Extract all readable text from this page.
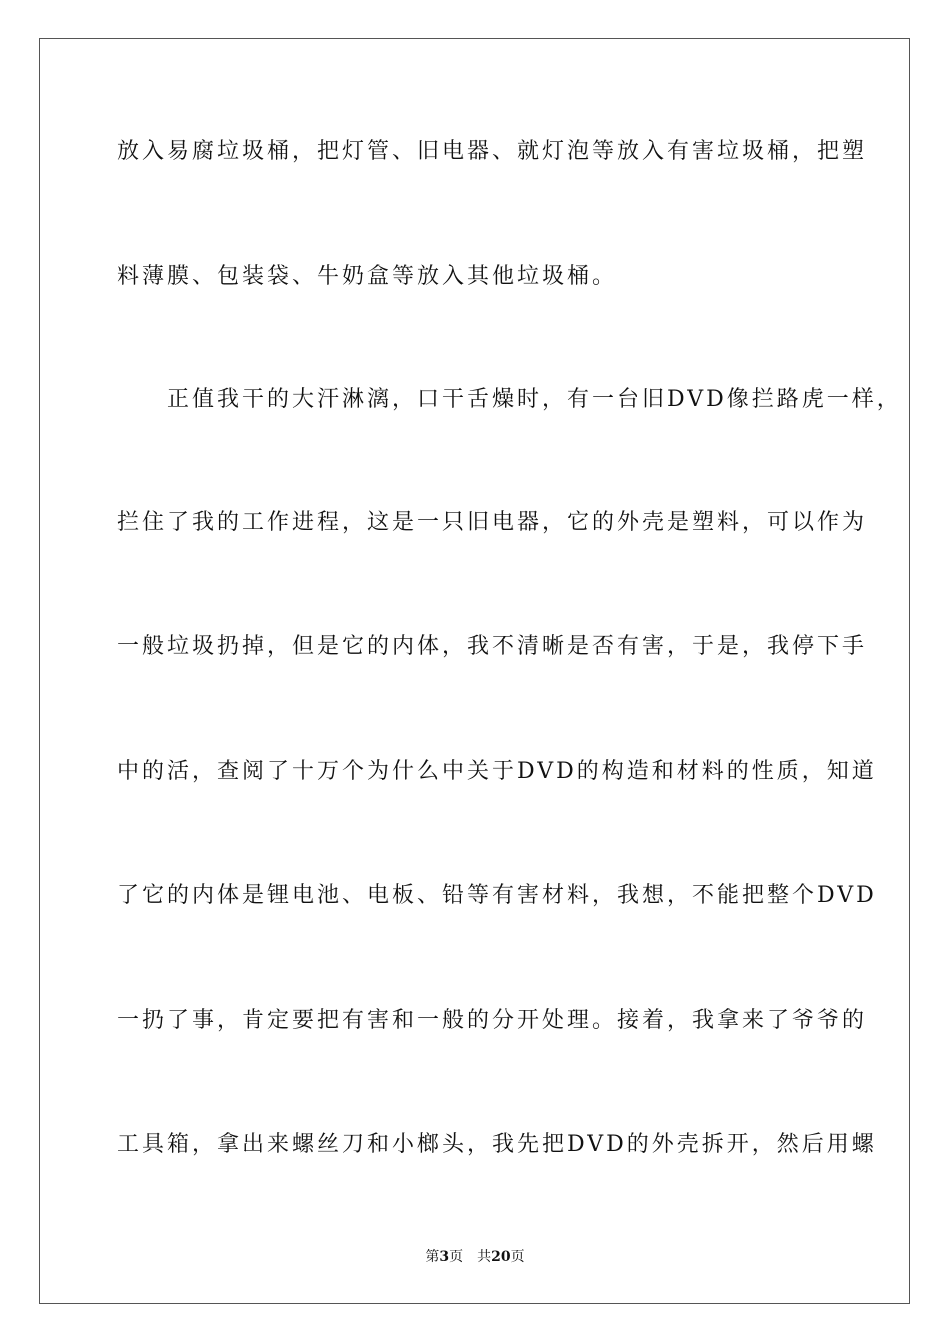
放入易腐垃圾桶，把灯管、旧电器、就灯泡等放入有害垃圾桶，把塑
料薄膜、包装袋、牛奶盒等放入其他垃圾桶。
　　正值我干的大汗淋漓，口干舌燥时，有一台旧DVD像拦路虎一样，
拦住了我的工作进程，这是一只旧电器，它的外壳是塑料，可以作为
一般垃圾扔掉，但是它的内体，我不清晰是否有害，于是，我停下手
中的活，查阅了十万个为什么中关于DVD的构造和材料的性质，知道
了它的内体是锂电池、电板、铅等有害材料，我想，不能把整个DVD
一扔了事，肯定要把有害和一般的分开处理。接着，我拿来了爷爷的
工具箱，拿出来螺丝刀和小榔头，我先把DVD的外壳拆开，然后用螺
第3页　 共20页
